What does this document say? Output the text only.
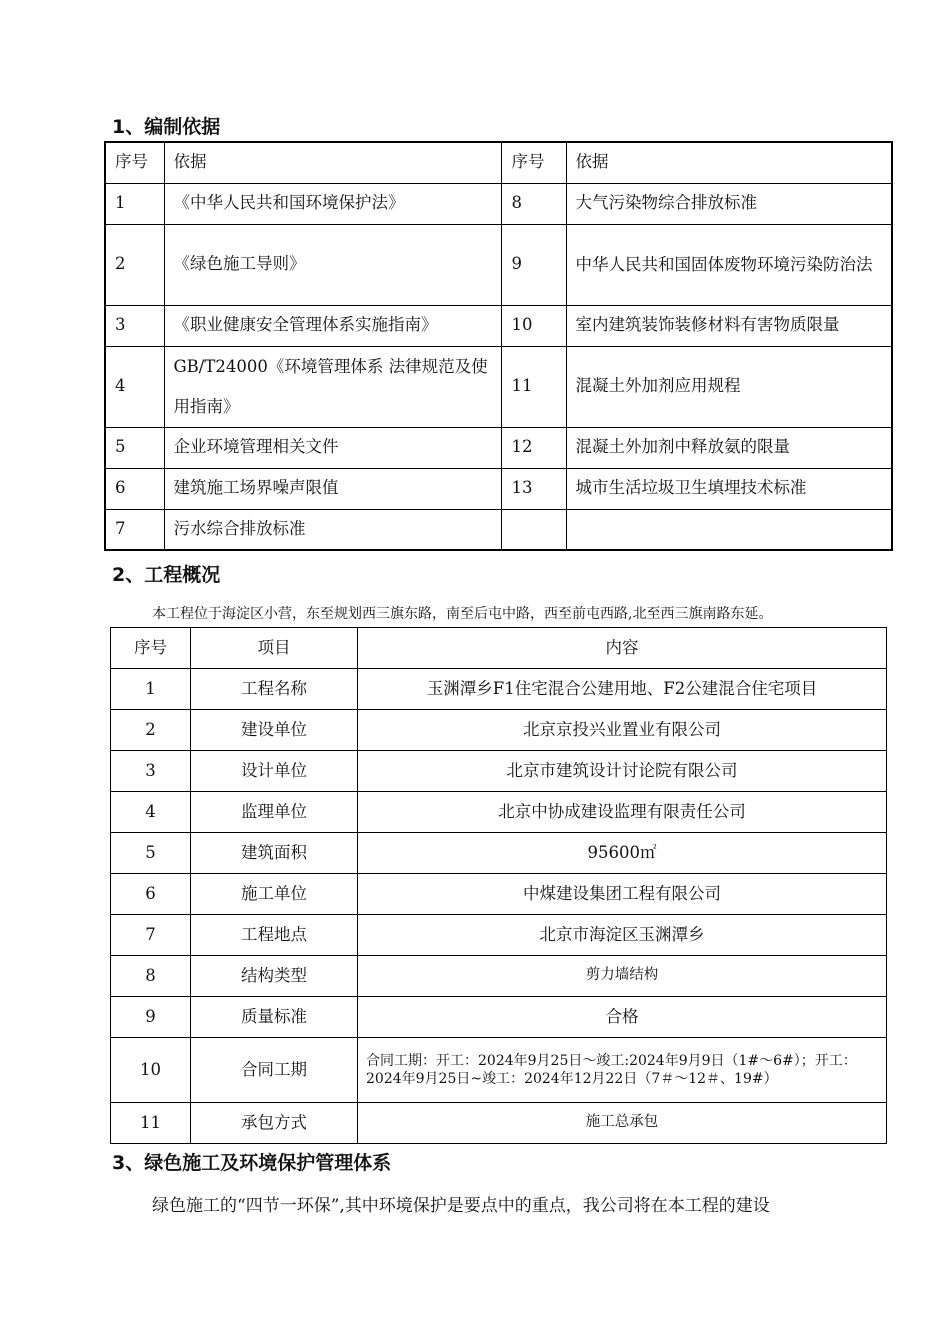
1、编制依据
序号	依据	序号	依据
1	《中华人民共和国环境保护法》	8	大气污染物综合排放标准
2	《绿色施工导则》	9	中华人民共和国固体废物环境污染防治法
3	《职业健康安全管理体系实施指南》	10	室内建筑装饰装修材料有害物质限量
4	GB/T24000《环境管理体系 法律规范及使用指南》	11	混凝土外加剂应用规程
5	企业环境管理相关文件	12	混凝土外加剂中释放氨的限量
6	建筑施工场界噪声限值	13	城市生活垃圾卫生填埋技术标准
7	污水综合排放标准		
2、工程概况

本工程位于海淀区小营，东至规划西三旗东路，南至后屯中路，西至前屯西路,北至西三旗南路东延。

序号	项目	内容
1	工程名称	玉渊潭乡F1住宅混合公建用地、F2公建混合住宅项目
2	建设单位	北京京投兴业置业有限公司
3	设计单位	北京市建筑设计讨论院有限公司
4	监理单位	北京中协成建设监理有限责任公司
5	建筑面积	95600㎡
6	施工单位	中煤建设集团工程有限公司
7	工程地点	北京市海淀区玉渊潭乡
8	结构类型	剪力墙结构
9	质量标准	合格
10	合同工期	合同工期：开工：2024年9月25日～竣工:2024年9月9日（1#～6#）；开工：2024年9月25日~竣工：2024年12月22日（7＃～12＃、19#）
11	承包方式	施工总承包
3、绿色施工及环境保护管理体系

绿色施工的“四节一环保”,其中环境保护是要点中的重点，我公司将在本工程的建设
